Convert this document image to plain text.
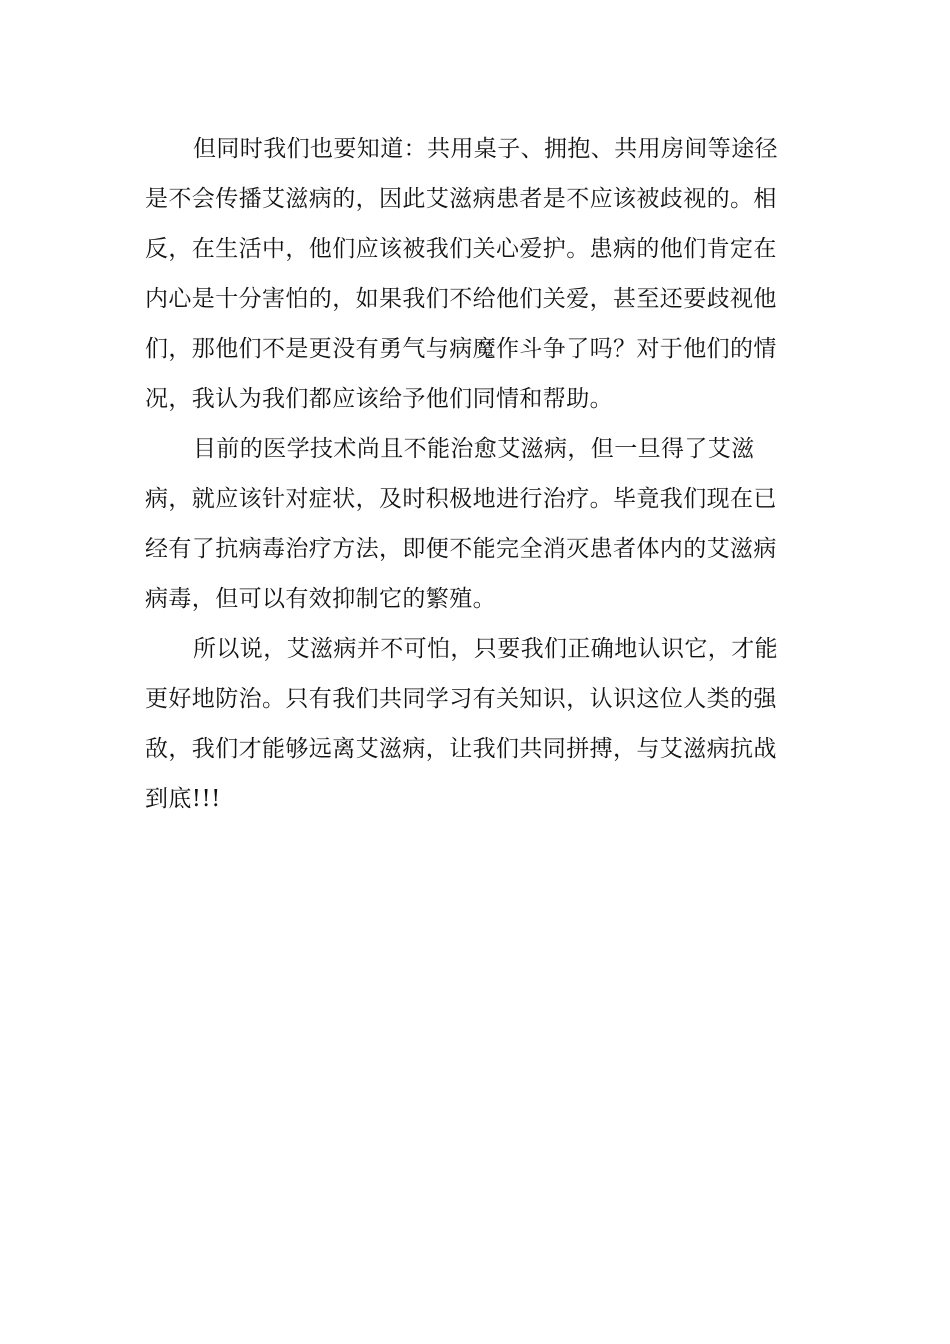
但同时我们也要知道：共用桌子、拥抱、共用房间等途径
是不会传播艾滋病的，因此艾滋病患者是不应该被歧视的。相
反，在生活中，他们应该被我们关心爱护。患病的他们肯定在
内心是十分害怕的，如果我们不给他们关爱，甚至还要歧视他
们，那他们不是更没有勇气与病魔作斗争了吗？对于他们的情
况，我认为我们都应该给予他们同情和帮助。

目前的医学技术尚且不能治愈艾滋病，但一旦得了艾滋
病，就应该针对症状，及时积极地进行治疗。毕竟我们现在已
经有了抗病毒治疗方法，即便不能完全消灭患者体内的艾滋病
病毒，但可以有效抑制它的繁殖。

所以说，艾滋病并不可怕，只要我们正确地认识它，才能
更好地防治。只有我们共同学习有关知识，认识这位人类的强
敌，我们才能够远离艾滋病，让我们共同拼搏，与艾滋病抗战
到底!!!
